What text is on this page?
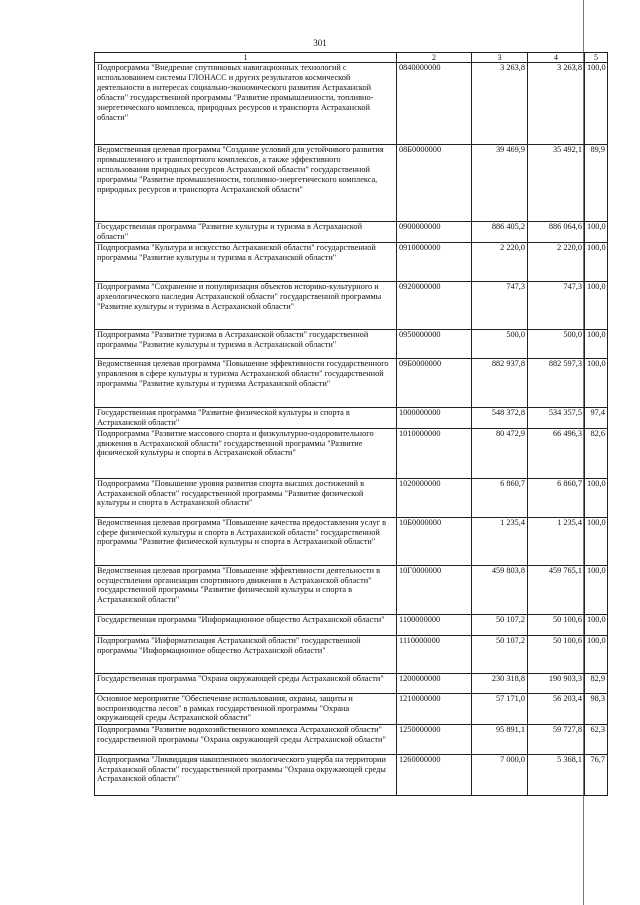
301
1	2	3	4	5
Подпрограмма "Внедрение спутниковых навигационных технологий с использованием системы ГЛОНАСС и других результатов космической деятельности в интересах социально-экономического развития Астраханской области" государственной программы "Развитие промышленности, топливно-энергетического комплекса, природных ресурсов и транспорта Астраханской области"	0840000000	3 263,8	3 263,8	100,0
Ведомственная целевая программа "Создание условий для устойчивого развития промышленного и транспортного комплексов, а также эффективного использования природных ресурсов Астраханской области" государственной программы "Развитие промышленности, топливно-энергетического комплекса, природных ресурсов и транспорта Астраханской области"	08Б0000000	39 469,9	35 492,1	89,9
Государственная программа "Развитие культуры и туризма в Астраханской области"	0900000000	886 405,2	886 064,6	100,0
Подпрограмма "Культура и искусство Астраханской области" государственной программы "Развитие культуры и туризма в Астраханской области"	0910000000	2 220,0	2 220,0	100,0
Подпрограмма "Сохранение и популяризация объектов историко-культурного и археологического наследия Астраханской области" государственной программы "Развитие культуры и туризма в Астраханской области"	0920000000	747,3	747,3	100,0
Подпрограмма "Развитие туризма в Астраханской области" государственной программы "Развитие культуры и туризма в Астраханской области"	0950000000	500,0	500,0	100,0
Ведомственная целевая программа "Повышение эффективности государственного управления в сфере культуры и туризма Астраханской области" государственной программы "Развитие культуры и туризма Астраханской области"	09Б0000000	882 937,8	882 597,3	100,0
Государственная программа "Развитие физической культуры и спорта в Астраханской области"	1000000000	548 372,8	534 357,5	97,4
Подпрограмма "Развитие массового спорта и физкультурно-оздоровительного движения в Астраханской области" государственной программы "Развитие физической культуры и спорта в Астраханской области"	1010000000	80 472,9	66 496,3	82,6
Подпрограмма "Повышение уровня развития спорта высших достижений в Астраханской области" государственной программы "Развитие физической культуры и спорта в Астраханской области"	1020000000	6 860,7	6 860,7	100,0
Ведомственная целевая программа "Повышение качества предоставления услуг в сфере физической культуры и спорта в Астраханской области" государственной программы "Развитие физической культуры и спорта в Астраханской области"	10Б0000000	1 235,4	1 235,4	100,0
Ведомственная целевая программа "Повышение эффективности деятельности в осуществлении организации спортивного движения в Астраханской области" государственной программы "Развитие физической культуры и спорта в Астраханской области"	10Г0000000	459 803,8	459 765,1	100,0
Государственная программа "Информационное общество Астраханской области"	1100000000	50 107,2	50 100,6	100,0
Подпрограмма "Информатизация Астраханской области" государственной программы "Информационное общество Астраханской области"	1110000000	50 107,2	50 100,6	100,0
Государственная программа "Охрана окружающей среды Астраханской области"	1200000000	230 318,8	190 903,3	82,9
Основное мероприятие "Обеспечение использования, охраны, защиты и воспроизводства лесов" в рамках государственной программы "Охрана окружающей среды Астраханской области"	1210000000	57 171,0	56 203,4	98,3
Подпрограмма "Развитие водохозяйственного комплекса Астраханской области" государственной программы "Охрана окружающей среды Астраханской области"	1250000000	95 891,1	59 727,8	62,3
Подпрограмма "Ликвидация накопленного экологического ущерба на территории Астраханской области" государственной программы "Охрана окружающей среды Астраханской области"	1260000000	7 000,0	5 368,1	76,7
